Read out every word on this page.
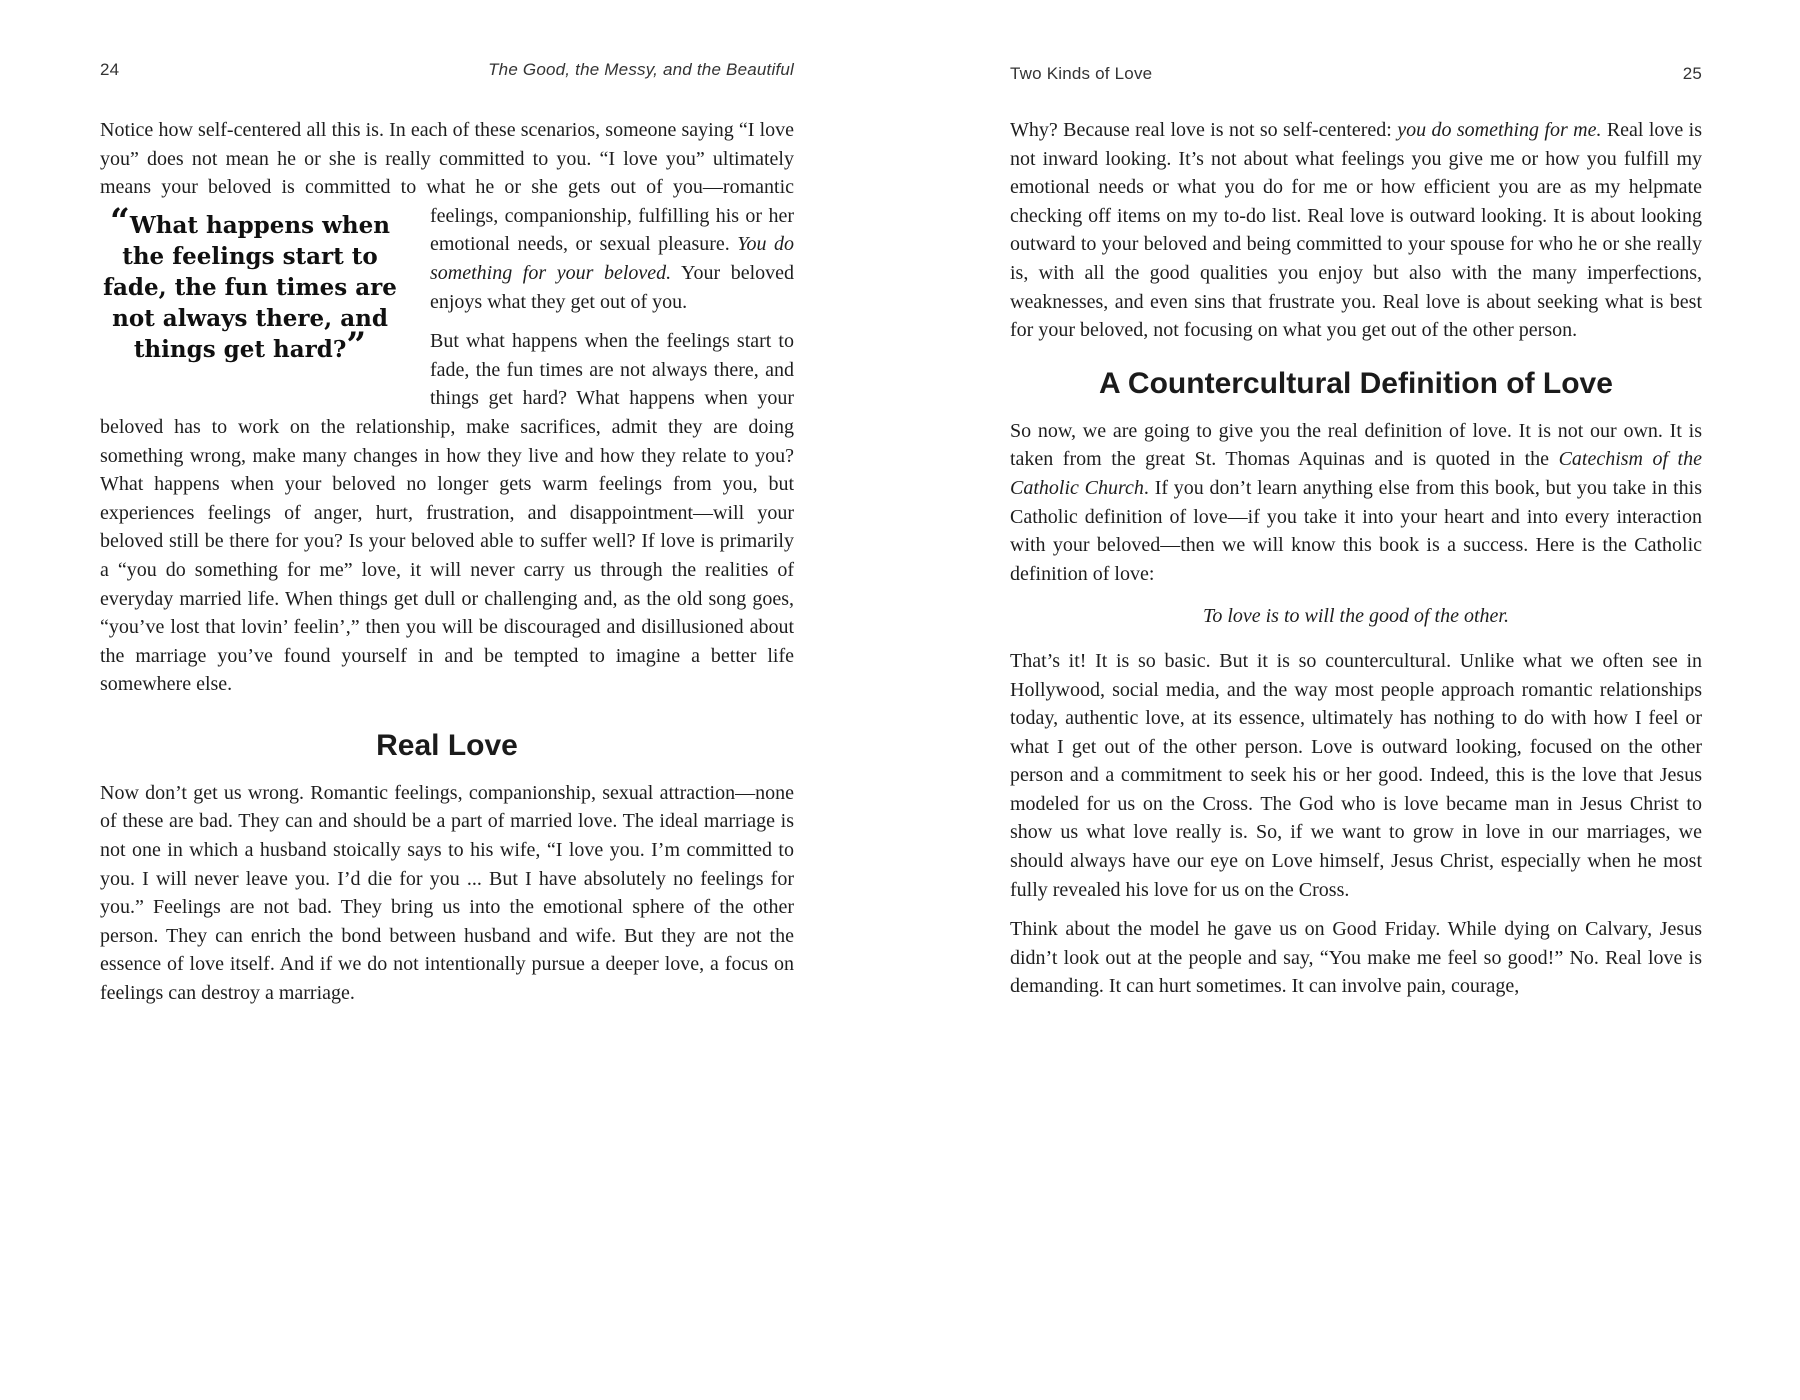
24	The Good, the Messy, and the Beautiful

Notice how self-centered all this is. In each of these scenarios, someone saying “I love you” does not mean he or she is really committed to you. “I love you” ultimately means your beloved is committed to what he or she gets out of you—romantic feelings, companionship, fulfilling his or her
“What happens when the feelings start to fade, the fun times are not always there, and things get hard?”
emotional needs, or sexual pleasure. You do something for your beloved. Your beloved enjoys what they get out of you.

But what happens when the feelings start to fade, the fun times are not always there, and things get hard? What happens when your beloved has to work on the relationship, make sacrifices, admit they are doing something wrong, make many changes in how they live and how they relate to you? What happens when your beloved no longer gets warm feelings from you, but experiences feelings of anger, hurt, frustration, and disappointment—will your beloved still be there for you? Is your beloved able to suffer well? If love is primarily a “you do something for me” love, it will never carry us through the realities of everyday married life. When things get dull or challenging and, as the old song goes, “you’ve lost that lovin’ feelin’,” then you will be discouraged and disillusioned about the marriage you’ve found yourself in and be tempted to imagine a better life somewhere else.

Real Love

Now don’t get us wrong. Romantic feelings, companionship, sexual attraction—none of these are bad. They can and should be a part of married love. The ideal marriage is not one in which a husband stoically says to his wife, “I love you. I’m committed to you. I will never leave you. I’d die for you ... But I have absolutely no feelings for you.” Feelings are not bad. They bring us into the emotional sphere of the other person. They can enrich the bond between husband and wife. But they are not the essence of love itself. And if we do not intentionally pursue a deeper love, a focus on feelings can destroy a marriage.

Two Kinds of Love	25

Why? Because real love is not so self-centered: you do something for me. Real love is not inward looking. It’s not about what feelings you give me or how you fulfill my emotional needs or what you do for me or how efficient you are as my helpmate checking off items on my to-do list. Real love is outward looking. It is about looking outward to your beloved and being committed to your spouse for who he or she really is, with all the good qualities you enjoy but also with the many imperfections, weaknesses, and even sins that frustrate you. Real love is about seeking what is best for your beloved, not focusing on what you get out of the other person.

A Countercultural Definition of Love

So now, we are going to give you the real definition of love. It is not our own. It is taken from the great St. Thomas Aquinas and is quoted in the Catechism of the Catholic Church. If you don’t learn anything else from this book, but you take in this Catholic definition of love—if you take it into your heart and into every interaction with your beloved—then we will know this book is a success. Here is the Catholic definition of love:

To love is to will the good of the other.

That’s it! It is so basic. But it is so countercultural. Unlike what we often see in Hollywood, social media, and the way most people approach romantic relationships today, authentic love, at its essence, ultimately has nothing to do with how I feel or what I get out of the other person. Love is outward looking, focused on the other person and a commitment to seek his or her good. Indeed, this is the love that Jesus modeled for us on the Cross. The God who is love became man in Jesus Christ to show us what love really is. So, if we want to grow in love in our marriages, we should always have our eye on Love himself, Jesus Christ, especially when he most fully revealed his love for us on the Cross.

Think about the model he gave us on Good Friday. While dying on Calvary, Jesus didn’t look out at the people and say, “You make me feel so good!” No. Real love is demanding. It can hurt sometimes. It can involve pain, courage,
